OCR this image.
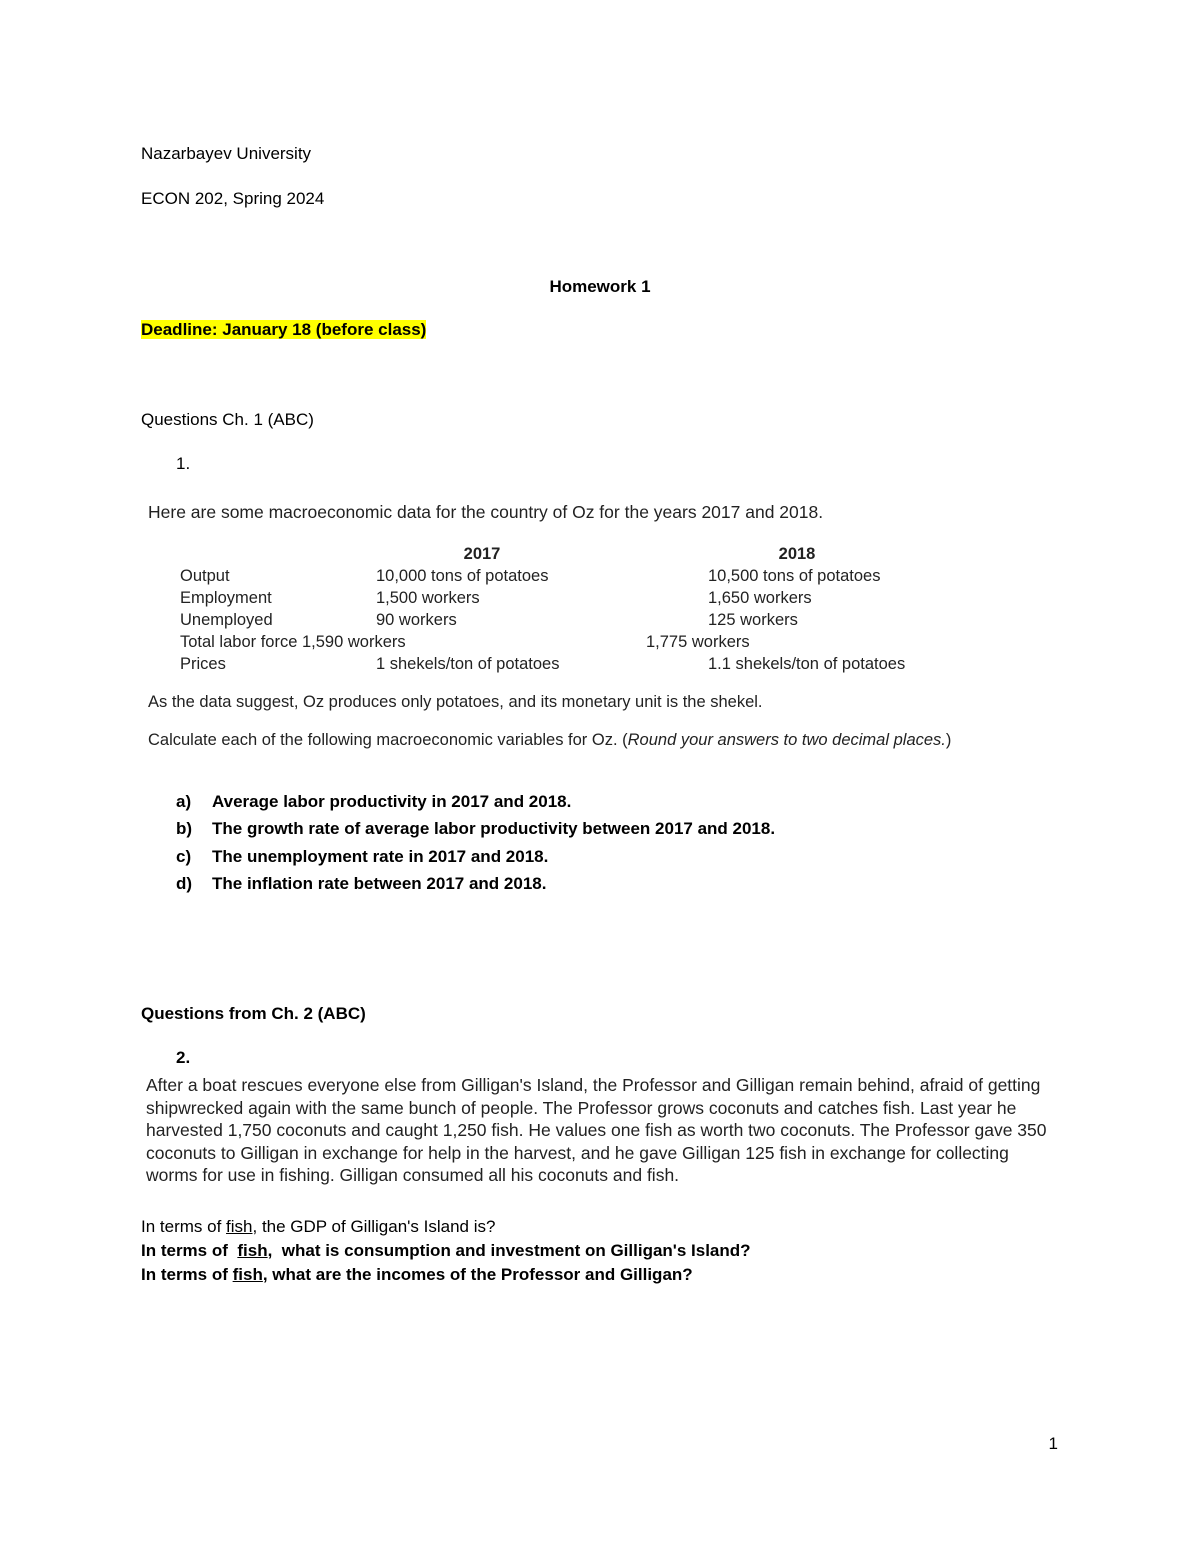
Nazarbayev University
ECON 202, Spring 2024
Homework 1
Deadline: January 18 (before class)
Questions Ch. 1 (ABC)
1.
Here are some macroeconomic data for the country of Oz for the years 2017 and 2018.
	2017	2018
Output	10,000 tons of potatoes	10,500 tons of potatoes
Employment	1,500 workers	1,650 workers
Unemployed	90 workers	125 workers
Total labor force 1,590 workers	1,775 workers
Prices	1 shekels/ton of potatoes	1.1 shekels/ton of potatoes
As the data suggest, Oz produces only potatoes, and its monetary unit is the shekel.
Calculate each of the following macroeconomic variables for Oz. (Round your answers to two decimal places.)
a)	Average labor productivity in 2017 and 2018.
b)	The growth rate of average labor productivity between 2017 and 2018.
c)	The unemployment rate in 2017 and 2018.
d)	The inflation rate between 2017 and 2018.
Questions from Ch. 2 (ABC)
2.
After a boat rescues everyone else from Gilligan's Island, the Professor and Gilligan remain behind, afraid of getting shipwrecked again with the same bunch of people. The Professor grows coconuts and catches fish. Last year he harvested 1,750 coconuts and caught 1,250 fish. He values one fish as worth two coconuts. The Professor gave 350 coconuts to Gilligan in exchange for help in the harvest, and he gave Gilligan 125 fish in exchange for collecting worms for use in fishing. Gilligan consumed all his coconuts and fish.
In terms of fish, the GDP of Gilligan's Island is?
In terms of  fish,  what is consumption and investment on Gilligan's Island?
In terms of fish, what are the incomes of the Professor and Gilligan?
1
